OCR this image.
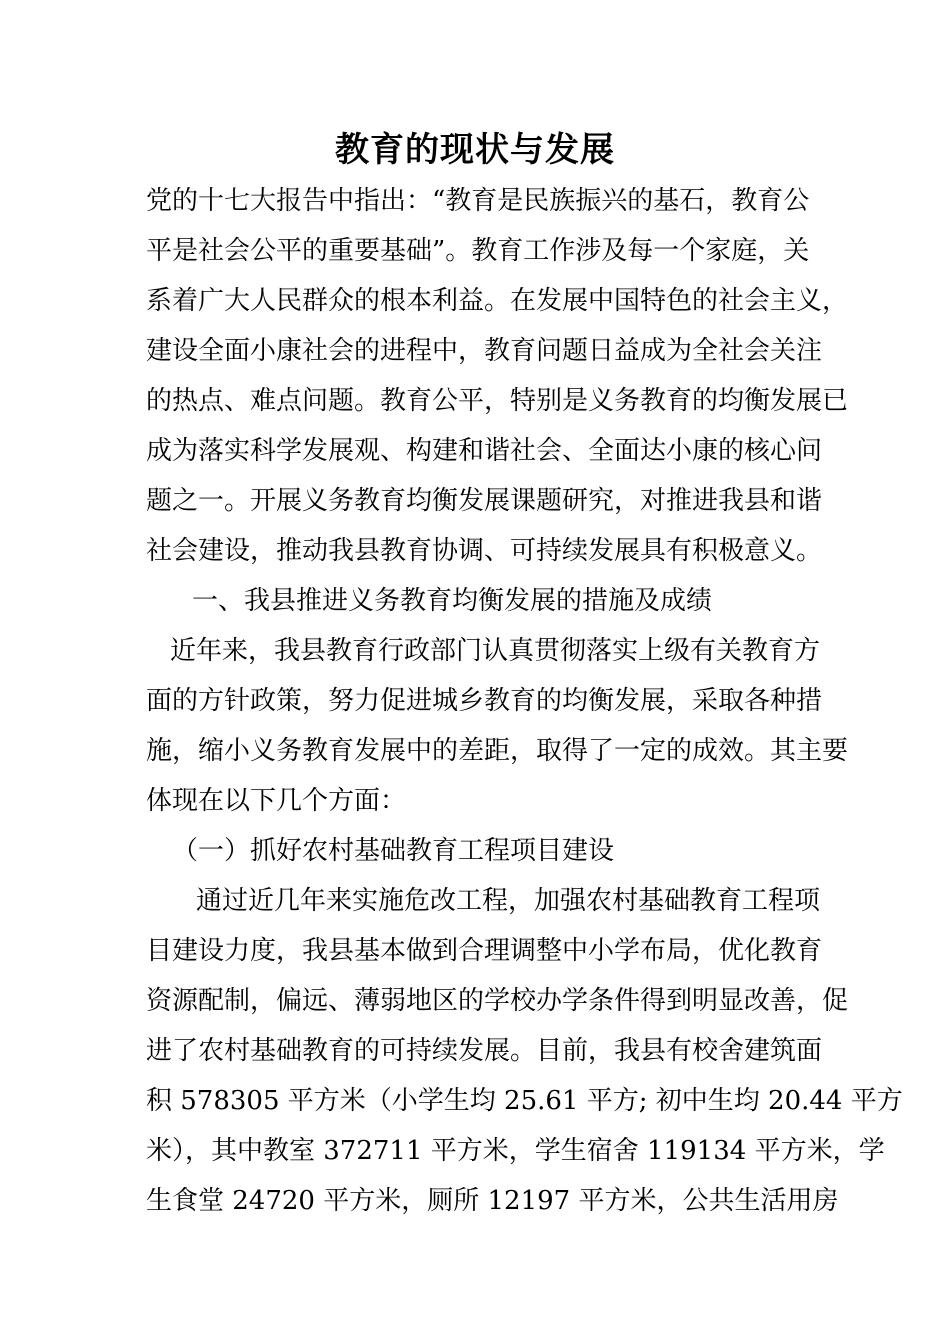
教育的现状与发展
党的十七大报告中指出：“教育是民族振兴的基石，教育公
平是社会公平的重要基础”。教育工作涉及每一个家庭，关
系着广大人民群众的根本利益。在发展中国特色的社会主义，
建设全面小康社会的进程中，教育问题日益成为全社会关注
的热点、难点问题。教育公平，特别是义务教育的均衡发展已
成为落实科学发展观、构建和谐社会、全面达小康的核心问
题之一。开展义务教育均衡发展课题研究，对推进我县和谐
社会建设，推动我县教育协调、可持续发展具有积极意义。
一、我县推进义务教育均衡发展的措施及成绩
近年来，我县教育行政部门认真贯彻落实上级有关教育方
面的方针政策，努力促进城乡教育的均衡发展，采取各种措
施，缩小义务教育发展中的差距，取得了一定的成效。其主要
体现在以下几个方面：
（一）抓好农村基础教育工程项目建设
通过近几年来实施危改工程，加强农村基础教育工程项
目建设力度，我县基本做到合理调整中小学布局，优化教育
资源配制，偏远、薄弱地区的学校办学条件得到明显改善，促
进了农村基础教育的可持续发展。目前，我县有校舍建筑面
积 578305 平方米（小学生均 25.61 平方; 初中生均 20.44 平方
米），其中教室 372711 平方米，学生宿舍 119134 平方米，学
生食堂 24720 平方米，厕所 12197 平方米，公共生活用房
